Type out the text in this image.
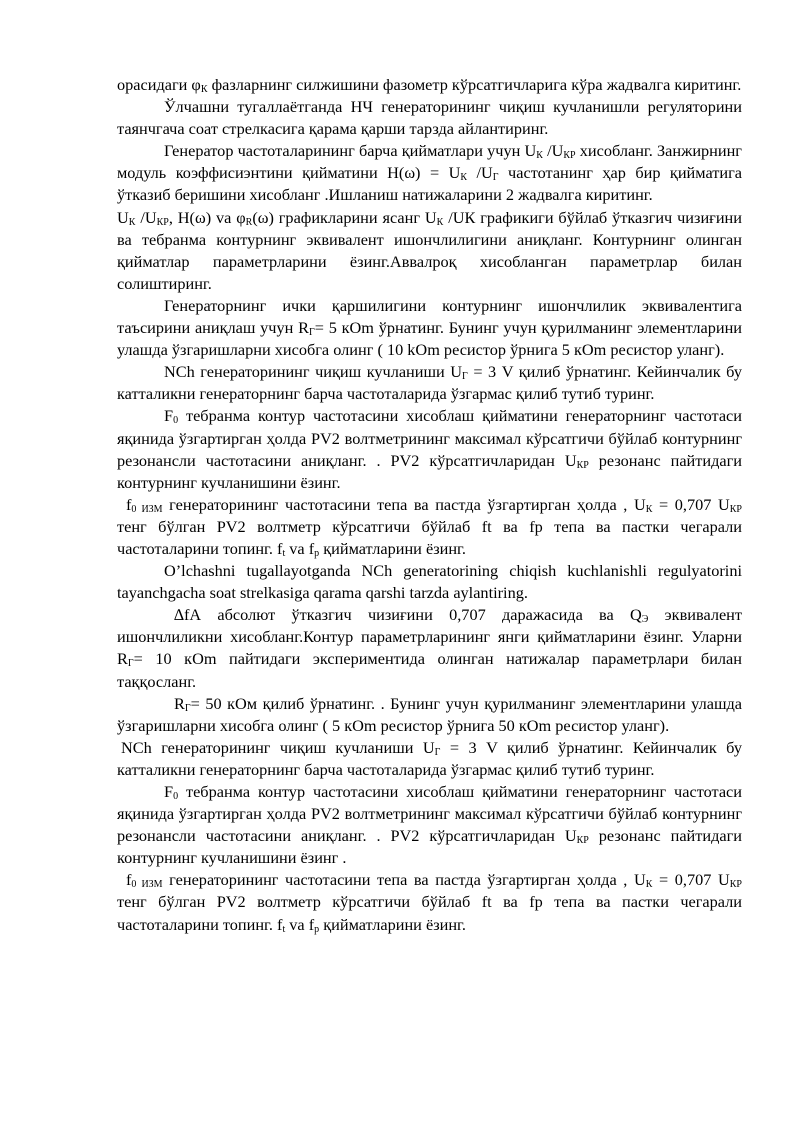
орасидаги $\varphi_К$ фазларнинг силжишини фазометр кўрсатгичларига кўра жадвалга киритинг.

Ўлчашни тугаллаётганда НЧ генераторининг чиқиш кучланишли регуляторини таянчгача соат стрелкасига қарама қарши тарзда айлантиринг.

Генератор частоталарининг барча қийматлари учун $U_К$ $/U_{КР}$ хисобланг. Занжирнинг модуль коэффисиэнтини қийматини $Н(\omega) = U_К$ $/U_Г$ частотанинг ҳар бир қийматига ўтказиб беришини хисобланг .Ишланиш натижаларини 2 жадвалга киритинг.

$U_К$ $/U_{КР}$, Н(ω) va $\varphi_R(\omega)$ графикларини ясанг $U_К$ /UК графикиги бўйлаб ўтказгич чизиғини ва тебранма контурнинг эквивалент ишончлилигини аниқланг. Контурнинг олинган қийматлар параметрларини ёзинг.Аввалроқ хисобланган параметрлар билан солиштиринг.

Генераторнинг ички қаршилигини контурнинг ишончлилик эквивалентига таъсирини аниқлаш учун $R_Г= 5$ кОm ўрнатинг. Бунинг учун қурилманинг элементларини улашда ўзгаришларни хисобга олинг ( 10 kОm ресистор ўрнига 5 кОm ресистор уланг).

NCh генераторининг чиқиш кучланиши $U_Г = 3$ V қилиб ўрнатинг. Кейинчалик бу катталикни генераторнинг барча частоталарида ўзгармас қилиб тутиб туринг.

$F_0$ тебранма контур частотасини хисоблаш қийматини генераторнинг частотаси яқинида ўзгартирган ҳолда PV2 волтметрининг максимал кўрсатгичи бўйлаб контурнинг резонансли частотасини аниқланг. . PV2 кўрсатгичларидан $U_{КР}$ резонанс пайтидаги контурнинг кучланишини ёзинг.

$f_{0 ИЗМ}$ генераторининг частотасини тепа ва пастда ўзгартирган ҳолда , $U_К = 0,707$ $U_{КР}$ тенг бўлган PV2 волтметр кўрсатгичи бўйлаб ft ва fp тепа ва пастки чегарали частоталарини топинг. $f_t$ va $f_p$ қийматларини ёзинг.

O’lchashni tugallayotganda NCh generatorining chiqish kuchlanishli regulyatorini tayanchgacha soat strelkasiga qarama qarshi tarzda aylantiring.

∆fА абсолют ўтказгич чизиғини 0,707 даражасида ва $Q_Э$ эквивалент ишончлиликни хисобланг.Контур параметрларининг янги қийматларини ёзинг. Уларни $R_Г= 10$ кОm пайтидаги экспериментида олинган натижалар параметрлари билан таққосланг.

$R_Г= 50$ кОм қилиб ўрнатинг. . Бунинг учун қурилманинг элементларини улашда ўзгаришларни хисобга олинг ( 5 кОm ресистор ўрнига 50 кОm ресистор уланг).

NCh генераторининг чиқиш кучланиши $U_Г = 3$ V қилиб ўрнатинг. Кейинчалик бу катталикни генераторнинг барча частоталарида ўзгармас қилиб тутиб туринг.

$F_0$ тебранма контур частотасини хисоблаш қийматини генераторнинг частотаси яқинида ўзгартирган ҳолда PV2 волтметрининг максимал кўрсатгичи бўйлаб контурнинг резонансли частотасини аниқланг. . PV2 кўрсатгичларидан $U_{КР}$ резонанс пайтидаги контурнинг кучланишини ёзинг .

$f_{0 ИЗМ}$ генераторининг частотасини тепа ва пастда ўзгартирган ҳолда , $U_К = 0,707$ $U_{КР}$ тенг бўлган PV2 волтметр кўрсатгичи бўйлаб ft ва fp тепа ва пастки чегарали частоталарини топинг. $f_t$ va $f_p$ қийматларини ёзинг.
